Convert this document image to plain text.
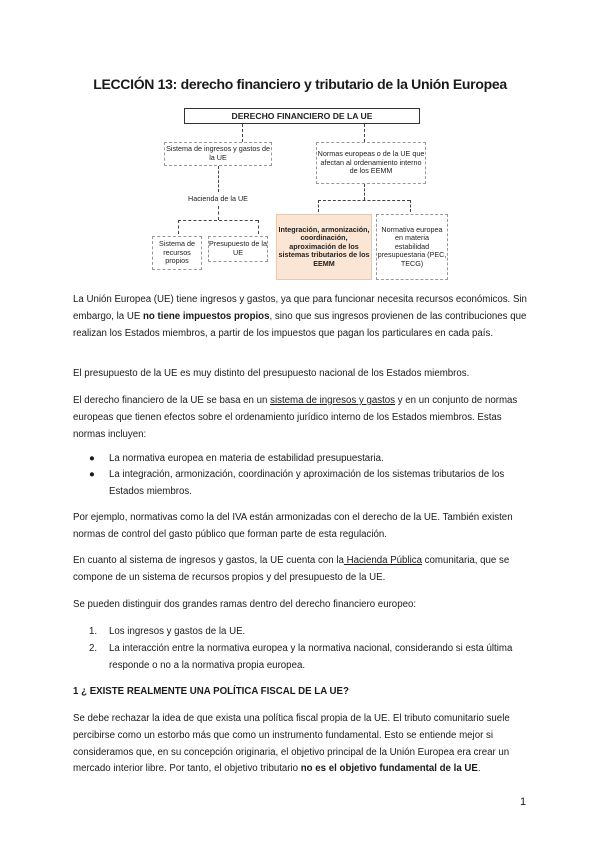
LECCIÓN 13: derecho financiero y tributario de la Unión Europea
DERECHO FINANCIERO DE LA UE
Sistema de ingresos y gastos de la UE	Normas europeas o de la UE que afectan al ordenamiento interno de los EEMM
Hacienda de la UE
Sistema de recursos propios
Presupuesto de la UE
Integración, armonización, coordinación, aproximación de los sistemas tributarios de los EEMM
Normativa europea en materia estabilidad presupuestaria (PEC, TECG)

La Unión Europea (UE) tiene ingresos y gastos, ya que para funcionar necesita recursos económicos. Sin embargo, la UE no tiene impuestos propios, sino que sus ingresos provienen de las contribuciones que realizan los Estados miembros, a partir de los impuestos que pagan los particulares en cada país.

El presupuesto de la UE es muy distinto del presupuesto nacional de los Estados miembros.

El derecho financiero de la UE se basa en un sistema de ingresos y gastos y en un conjunto de normas europeas que tienen efectos sobre el ordenamiento jurídico interno de los Estados miembros. Estas normas incluyen:

●	La normativa europea en materia de estabilidad presupuestaria.
●	La integración, armonización, coordinación y aproximación de los sistemas tributarios de los Estados miembros.

Por ejemplo, normativas como la del IVA están armonizadas con el derecho de la UE. También existen normas de control del gasto público que forman parte de esta regulación.

En cuanto al sistema de ingresos y gastos, la UE cuenta con la Hacienda Pública comunitaria, que se compone de un sistema de recursos propios y del presupuesto de la UE.

Se pueden distinguir dos grandes ramas dentro del derecho financiero europeo:

1.	Los ingresos y gastos de la UE.
2.	La interacción entre la normativa europea y la normativa nacional, considerando si esta última responde o no a la normativa propia europea.
1 ¿ EXISTE REALMENTE UNA POLÍTICA FISCAL DE LA UE?

Se debe rechazar la idea de que exista una política fiscal propia de la UE. El tributo comunitario suele percibirse como un estorbo más que como un instrumento fundamental. Esto se entiende mejor si consideramos que, en su concepción originaria, el objetivo principal de la Unión Europea era crear un mercado interior libre. Por tanto, el objetivo tributario no es el objetivo fundamental de la UE.

1
